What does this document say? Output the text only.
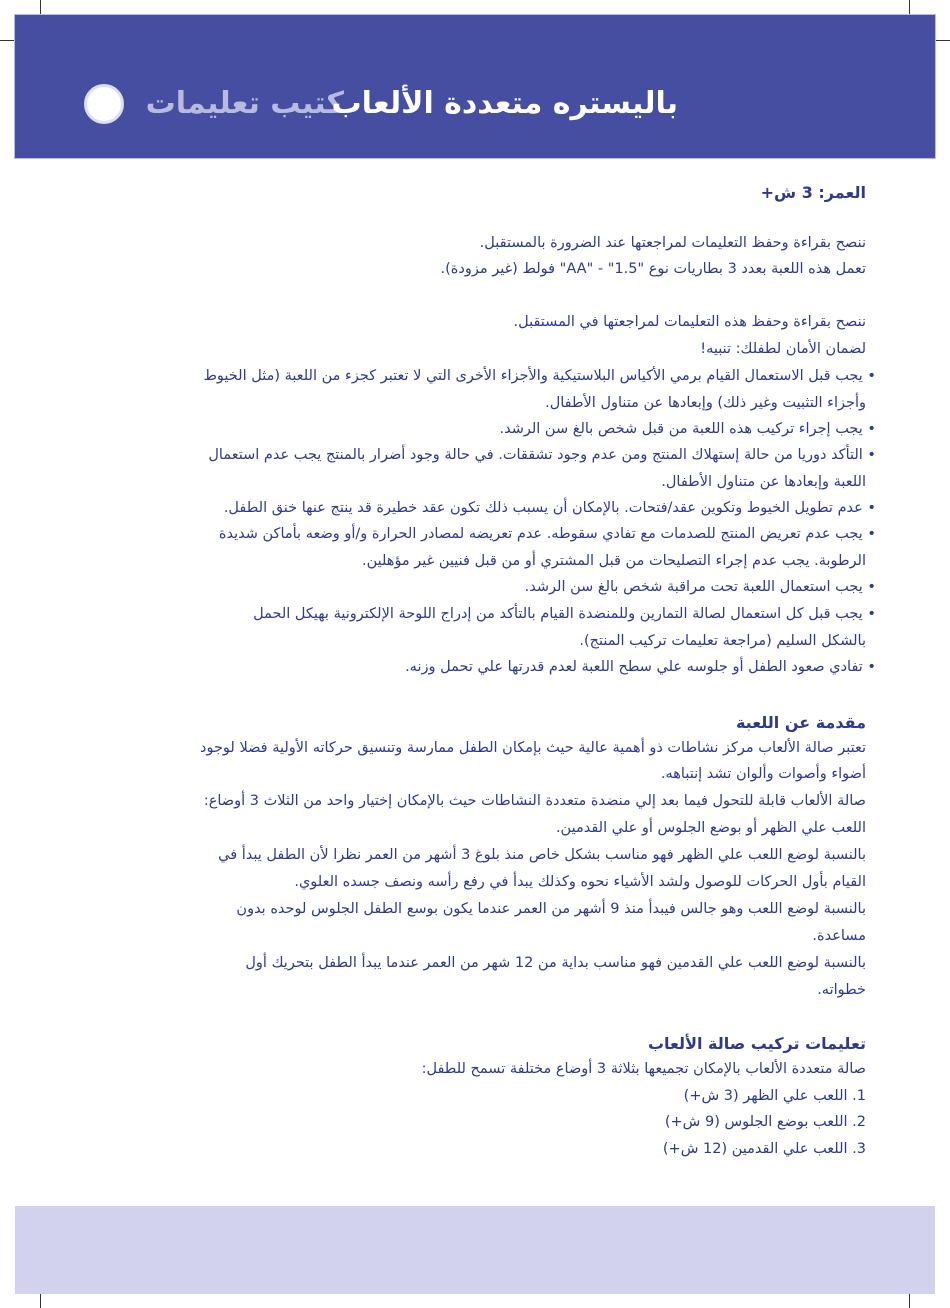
كتيب تعليمات
باليستره متعددة الألعاب
العمر: 3 ش+
ننصح بقراءة وحفظ التعليمات لمراجعتها عند الضرورة بالمستقبل.
تعمل هذه اللعبة بعدد 3 بطاريات نوع "1.5" - "AA" فولط (غير مزودة).
ننصح بقراءة وحفظ هذه التعليمات لمراجعتها في المستقبل.
لضمان الأمان لطفلك: تنبيه!
• يجب قبل الاستعمال القيام برمي الأكياس البلاستيكية والأجزاء الأخرى التي لا تعتبر كجزء من اللعبة (مثل الخيوط
وأجزاء التثبيت وغير ذلك) وإبعادها عن متناول الأطفال.
• يجب إجراء تركيب هذه اللعبة من قبل شخص بالغ سن الرشد.
• التأكد دوريا من حالة إستهلاك المنتج ومن عدم وجود تشققات. في حالة وجود أضرار بالمنتج يجب عدم استعمال
اللعبة وإبعادها عن متناول الأطفال.
• عدم تطويل الخيوط وتكوين عقد/فتحات. بالإمكان أن يسبب ذلك تكون عقد خطيرة قد ينتج عنها خنق الطفل.
• يجب عدم تعريض المنتج للصدمات مع تفادي سقوطه. عدم تعريضه لمصادر الحرارة و/أو وضعه بأماكن شديدة
الرطوبة. يجب عدم إجراء التصليحات من قبل المشتري أو من قبل فنيين غير مؤهلين.
• يجب استعمال اللعبة تحت مراقبة شخص بالغ سن الرشد.
• يجب قبل كل استعمال لصالة التمارين وللمنضدة القيام بالتأكد من إدراج اللوحة الإلكترونية بهيكل الحمل
بالشكل السليم (مراجعة تعليمات تركيب المنتج).
• تفادي صعود الطفل أو جلوسه علي سطح اللعبة لعدم قدرتها علي تحمل وزنه.
مقدمة عن اللعبة
تعتبر صالة الألعاب مركز نشاطات ذو أهمية عالية حيث بإمكان الطفل ممارسة وتنسيق حركاته الأولية فضلا لوجود
أضواء وأصوات وألوان تشد إنتباهه.
صالة الألعاب قابلة للتحول فيما بعد إلي منضدة متعددة النشاطات حيث بالإمكان إختيار واحد من الثلاث 3 أوضاع:
اللعب علي الظهر أو بوضع الجلوس أو علي القدمين.
بالنسبة لوضع اللعب علي الظهر فهو مناسب بشكل خاص منذ بلوغ 3 أشهر من العمر نظرا لأن الطفل يبدأ في
القيام بأول الحركات للوصول ولشد الأشياء نحوه وكذلك يبدأ في رفع رأسه ونصف جسده العلوي.
بالنسبة لوضع اللعب وهو جالس فيبدأ منذ 9 أشهر من العمر عندما يكون بوسع الطفل الجلوس لوحده بدون
مساعدة.
بالنسبة لوضع اللعب علي القدمين فهو مناسب بداية من 12 شهر من العمر عندما يبدأ الطفل بتحريك أول
خطواته.
تعليمات تركيب صالة الألعاب
صالة متعددة الألعاب بالإمكان تجميعها بثلاثة 3 أوضاع مختلفة تسمح للطفل:
1. اللعب علي الظهر (3 ش+)
2. اللعب بوضع الجلوس (9 ش+)
3. اللعب علي القدمين (12 ش+)
